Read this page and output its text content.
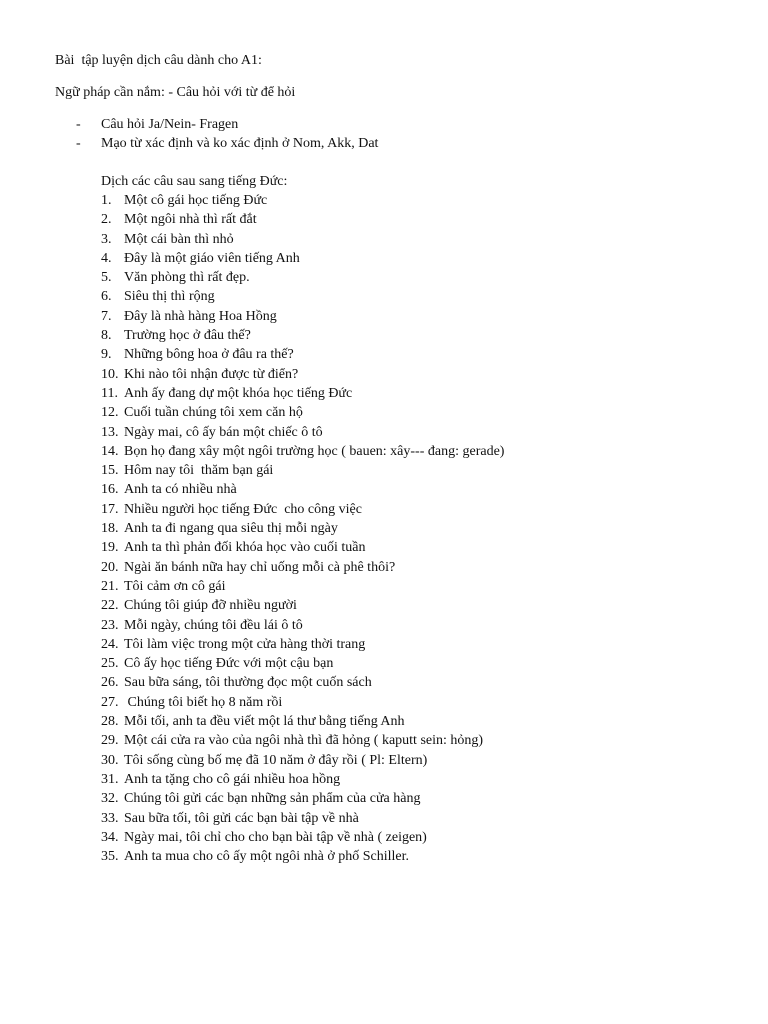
Bài  tập luyện dịch câu dành cho A1:
Ngữ pháp cần nắm: - Câu hỏi với từ để hỏi
-	Câu hỏi Ja/Nein- Fragen
-	Mạo từ xác định và ko xác định ở Nom, Akk, Dat
Dịch các câu sau sang tiếng Đức:
1. Một cô gái học tiếng Đức
2. Một ngôi nhà thì rất đắt
3. Một cái bàn thì nhỏ
4. Đây là một giáo viên tiếng Anh
5. Văn phòng thì rất đẹp.
6. Siêu thị thì rộng
7. Đây là nhà hàng Hoa Hồng
8. Trường học ở đâu thế?
9. Những bông hoa ở đâu ra thế?
10. Khi nào tôi nhận được từ điển?
11. Anh ấy đang dự một khóa học tiếng Đức
12. Cuối tuần chúng tôi xem căn hộ
13. Ngày mai, cô ấy bán một chiếc ô tô
14. Bọn họ đang xây một ngôi trường học ( bauen: xây--- đang: gerade)
15. Hôm nay tôi  thăm bạn gái
16. Anh ta có nhiều nhà
17. Nhiều người học tiếng Đức  cho công việc
18. Anh ta đi ngang qua siêu thị mỗi ngày
19. Anh ta thì phản đối khóa học vào cuối tuần
20. Ngài ăn bánh nữa hay chỉ uống mỗi cà phê thôi?
21. Tôi cảm ơn cô gái
22. Chúng tôi giúp đỡ nhiều người
23. Mỗi ngày, chúng tôi đều lái ô tô
24. Tôi làm việc trong một cửa hàng thời trang
25. Cô ấy học tiếng Đức với một cậu bạn
26. Sau bữa sáng, tôi thường đọc một cuốn sách
27. Chúng tôi biết họ 8 năm rồi
28. Mỗi tối, anh ta đều viết một lá thư bằng tiếng Anh
29. Một cái cửa ra vào của ngôi nhà thì đã hỏng ( kaputt sein: hỏng)
30. Tôi sống cùng bố mẹ đã 10 năm ở đây rồi ( Pl: Eltern)
31. Anh ta tặng cho cô gái nhiều hoa hồng
32. Chúng tôi gửi các bạn những sản phẩm của cửa hàng
33. Sau bữa tối, tôi gửi các bạn bài tập về nhà
34. Ngày mai, tôi chỉ cho cho bạn bài tập về nhà ( zeigen)
35. Anh ta mua cho cô ấy một ngôi nhà ở phố Schiller.
